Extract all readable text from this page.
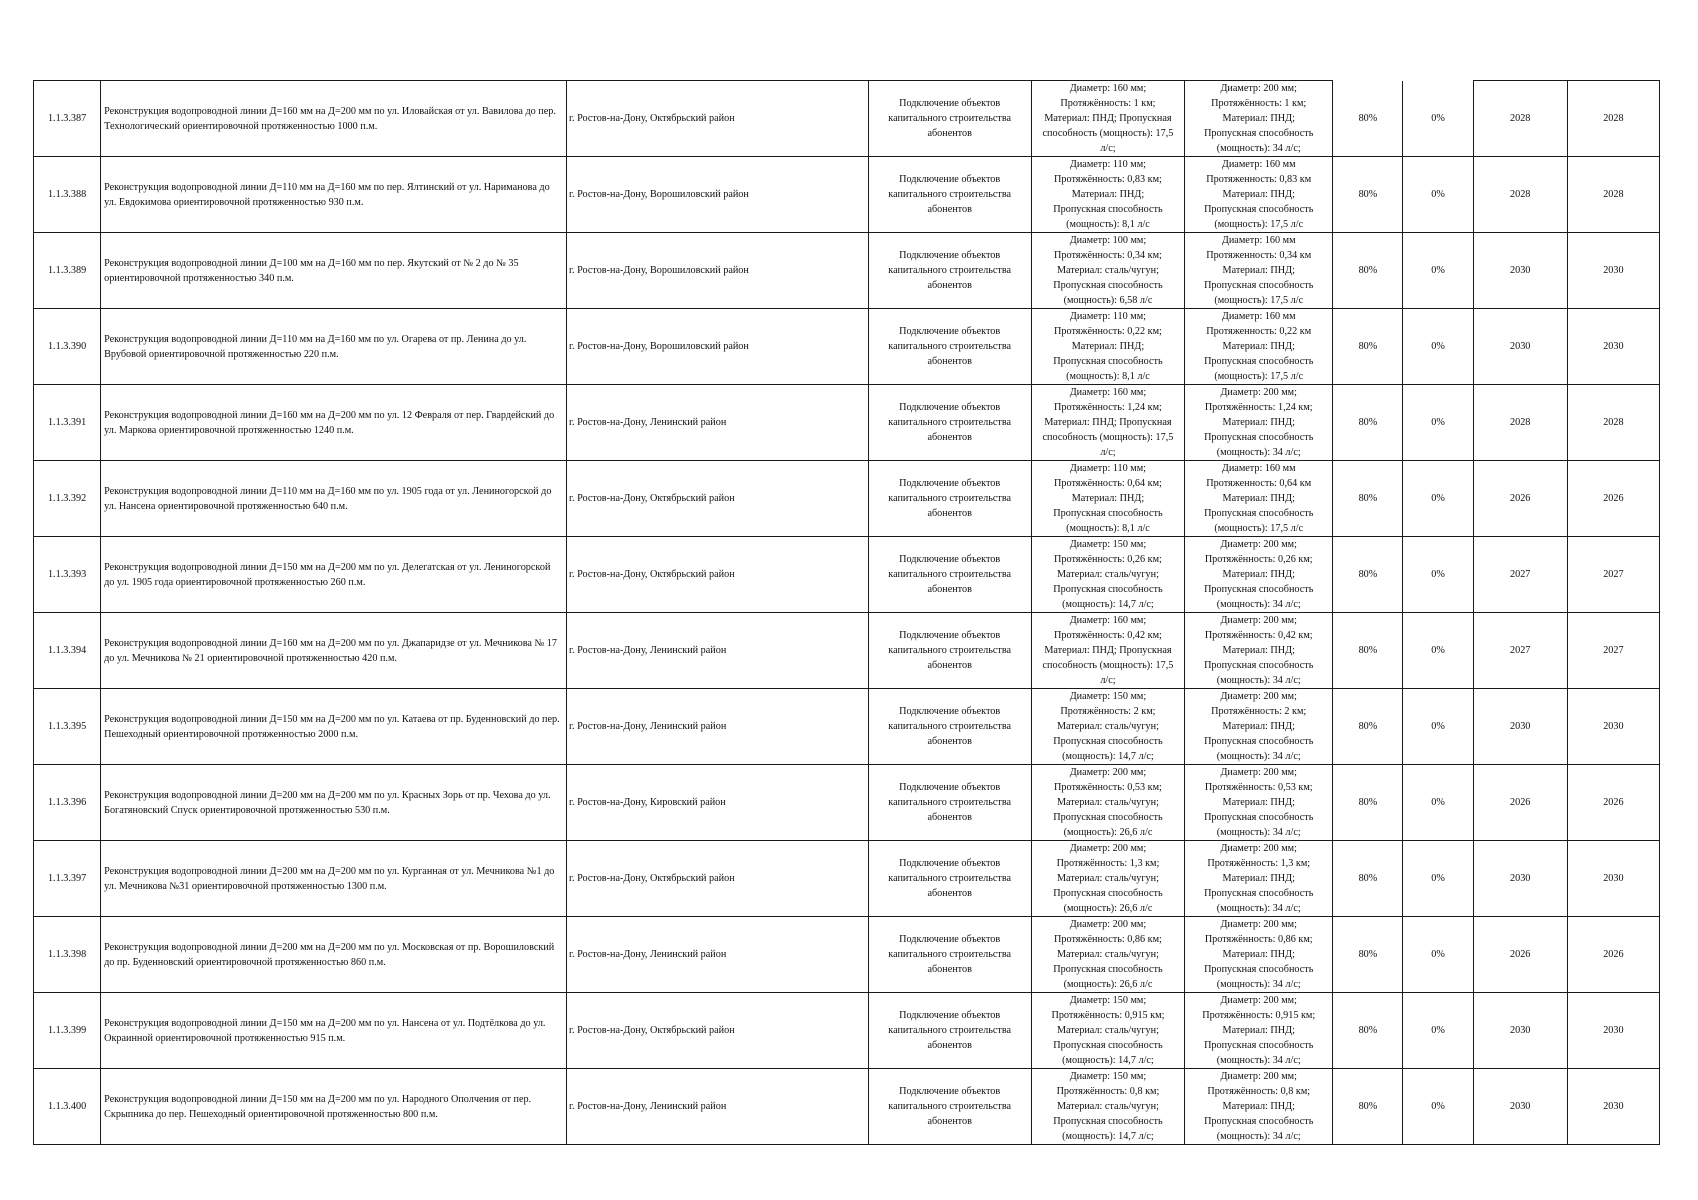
1.1.3.387	Реконструкция водопроводной линии Д=160 мм на Д=200 мм по ул. Иловайская от ул. Вавилова до пер. Технологический ориентировочной протяженностью 1000 п.м.	г. Ростов-на-Дону, Октябрьский район	Подключение объектов капитального строительства абонентов	Диаметр: 160 мм;
Протяжённость: 1 км;
Материал: ПНД; Пропускная
способность (мощность): 17,5
л/с;	Диаметр: 200 мм;
Протяжённость: 1 км;
Материал: ПНД;
Пропускная способность
(мощность): 34 л/с;	80%	0%	2028	2028
1.1.3.388	Реконструкция водопроводной линии Д=110 мм на Д=160 мм по пер. Ялтинский от ул. Нариманова до ул. Евдокимова ориентировочной протяженностью 930 п.м.	г. Ростов-на-Дону, Ворошиловский район	Подключение объектов капитального строительства абонентов	Диаметр: 110 мм;
Протяжённость: 0,83 км;
Материал: ПНД;
Пропускная способность
(мощность): 8,1 л/с	Диаметр: 160 мм
Протяженность: 0,83 км
Материал: ПНД;
Пропускная способность
(мощность): 17,5 л/с	80%	0%	2028	2028
1.1.3.389	Реконструкция водопроводной линии Д=100 мм на Д=160 мм по пер. Якутский от № 2 до № 35 ориентировочной протяженностью 340 п.м.	г. Ростов-на-Дону, Ворошиловский район	Подключение объектов капитального строительства абонентов	Диаметр: 100 мм;
Протяжённость: 0,34 км;
Материал: сталь/чугун;
Пропускная способность
(мощность): 6,58 л/с	Диаметр: 160 мм
Протяженность: 0,34 км
Материал: ПНД;
Пропускная способность
(мощность): 17,5 л/с	80%	0%	2030	2030
1.1.3.390	Реконструкция водопроводной линии Д=110 мм на Д=160 мм по ул. Огарева от пр. Ленина до ул. Врубовой ориентировочной протяженностью 220 п.м.	г. Ростов-на-Дону, Ворошиловский район	Подключение объектов капитального строительства абонентов	Диаметр: 110 мм;
Протяжённость: 0,22 км;
Материал: ПНД;
Пропускная способность
(мощность): 8,1 л/с	Диаметр: 160 мм
Протяженность: 0,22 км
Материал: ПНД;
Пропускная способность
(мощность): 17,5 л/с	80%	0%	2030	2030
1.1.3.391	Реконструкция водопроводной линии Д=160 мм на Д=200 мм по ул. 12 Февраля от пер. Гвардейский до ул. Маркова ориентировочной протяженностью 1240 п.м.	г. Ростов-на-Дону, Ленинский район	Подключение объектов капитального строительства абонентов	Диаметр: 160 мм;
Протяжённость: 1,24 км;
Материал: ПНД; Пропускная
способность (мощность): 17,5
л/с;	Диаметр: 200 мм;
Протяжённость: 1,24 км;
Материал: ПНД;
Пропускная способность
(мощность): 34 л/с;	80%	0%	2028	2028
1.1.3.392	Реконструкция водопроводной линии Д=110 мм на Д=160 мм по ул. 1905 года от ул. Лениногорской до ул. Нансена ориентировочной протяженностью 640 п.м.	г. Ростов-на-Дону, Октябрьский район	Подключение объектов капитального строительства абонентов	Диаметр: 110 мм;
Протяжённость: 0,64 км;
Материал: ПНД;
Пропускная способность
(мощность): 8,1 л/с	Диаметр: 160 мм
Протяженность: 0,64 км
Материал: ПНД;
Пропускная способность
(мощность): 17,5 л/с	80%	0%	2026	2026
1.1.3.393	Реконструкция водопроводной линии Д=150 мм на Д=200 мм по ул. Делегатская от ул. Лениногорской до ул. 1905 года ориентировочной протяженностью 260 п.м.	г. Ростов-на-Дону, Октябрьский район	Подключение объектов капитального строительства абонентов	Диаметр: 150 мм;
Протяжённость: 0,26 км;
Материал: сталь/чугун;
Пропускная способность
(мощность): 14,7 л/с;	Диаметр: 200 мм;
Протяжённость: 0,26 км;
Материал: ПНД;
Пропускная способность
(мощность): 34 л/с;	80%	0%	2027	2027
1.1.3.394	Реконструкция водопроводной линии Д=160 мм на Д=200 мм по ул. Джапаридзе от ул. Мечникова № 17 до ул. Мечникова № 21 ориентировочной протяженностью 420 п.м.	г. Ростов-на-Дону, Ленинский район	Подключение объектов капитального строительства абонентов	Диаметр: 160 мм;
Протяжённость: 0,42 км;
Материал: ПНД; Пропускная
способность (мощность): 17,5
л/с;	Диаметр: 200 мм;
Протяжённость: 0,42 км;
Материал: ПНД;
Пропускная способность
(мощность): 34 л/с;	80%	0%	2027	2027
1.1.3.395	Реконструкция водопроводной линии Д=150 мм на Д=200 мм по ул. Катаева от пр. Буденновский до пер. Пешеходный ориентировочной протяженностью 2000 п.м.	г. Ростов-на-Дону, Ленинский район	Подключение объектов капитального строительства абонентов	Диаметр: 150 мм;
Протяжённость: 2 км;
Материал: сталь/чугун;
Пропускная способность
(мощность): 14,7 л/с;	Диаметр: 200 мм;
Протяжённость: 2 км;
Материал: ПНД;
Пропускная способность
(мощность): 34 л/с;	80%	0%	2030	2030
1.1.3.396	Реконструкция водопроводной линии Д=200 мм на Д=200 мм по ул. Красных Зорь от пр. Чехова до ул. Богатяновский Спуск ориентировочной протяженностью 530 п.м.	г. Ростов-на-Дону, Кировский район	Подключение объектов капитального строительства абонентов	Диаметр: 200 мм;
Протяжённость: 0,53 км;
Материал: сталь/чугун;
Пропускная способность
(мощность): 26,6 л/с	Диаметр: 200 мм;
Протяжённость: 0,53 км;
Материал: ПНД;
Пропускная способность
(мощность): 34 л/с;	80%	0%	2026	2026
1.1.3.397	Реконструкция водопроводной линии Д=200 мм на Д=200 мм по ул. Курганная от ул. Мечникова №1 до ул. Мечникова №31 ориентировочной протяженностью 1300 п.м.	г. Ростов-на-Дону, Октябрьский район	Подключение объектов капитального строительства абонентов	Диаметр: 200 мм;
Протяжённость: 1,3 км;
Материал: сталь/чугун;
Пропускная способность
(мощность): 26,6 л/с	Диаметр: 200 мм;
Протяжённость: 1,3 км;
Материал: ПНД;
Пропускная способность
(мощность): 34 л/с;	80%	0%	2030	2030
1.1.3.398	Реконструкция водопроводной линии Д=200 мм на Д=200 мм по ул. Московская от пр. Ворошиловский до пр. Буденновский ориентировочной протяженностью 860 п.м.	г. Ростов-на-Дону, Ленинский район	Подключение объектов капитального строительства абонентов	Диаметр: 200 мм;
Протяжённость: 0,86 км;
Материал: сталь/чугун;
Пропускная способность
(мощность): 26,6 л/с	Диаметр: 200 мм;
Протяжённость: 0,86 км;
Материал: ПНД;
Пропускная способность
(мощность): 34 л/с;	80%	0%	2026	2026
1.1.3.399	Реконструкция водопроводной линии Д=150 мм на Д=200 мм по ул. Нансена от ул. Подтёлкова до ул. Окраинной ориентировочной протяженностью 915 п.м.	г. Ростов-на-Дону, Октябрьский район	Подключение объектов капитального строительства абонентов	Диаметр: 150 мм;
Протяжённость: 0,915 км;
Материал: сталь/чугун;
Пропускная способность
(мощность): 14,7 л/с;	Диаметр: 200 мм;
Протяжённость: 0,915 км;
Материал: ПНД;
Пропускная способность
(мощность): 34 л/с;	80%	0%	2030	2030
1.1.3.400	Реконструкция водопроводной линии Д=150 мм на Д=200 мм по ул. Народного Ополчения от пер. Скрыпника до пер. Пешеходный ориентировочной протяженностью 800 п.м.	г. Ростов-на-Дону, Ленинский район	Подключение объектов капитального строительства абонентов	Диаметр: 150 мм;
Протяжённость: 0,8 км;
Материал: сталь/чугун;
Пропускная способность
(мощность): 14,7 л/с;	Диаметр: 200 мм;
Протяжённость: 0,8 км;
Материал: ПНД;
Пропускная способность
(мощность): 34 л/с;	80%	0%	2030	2030
